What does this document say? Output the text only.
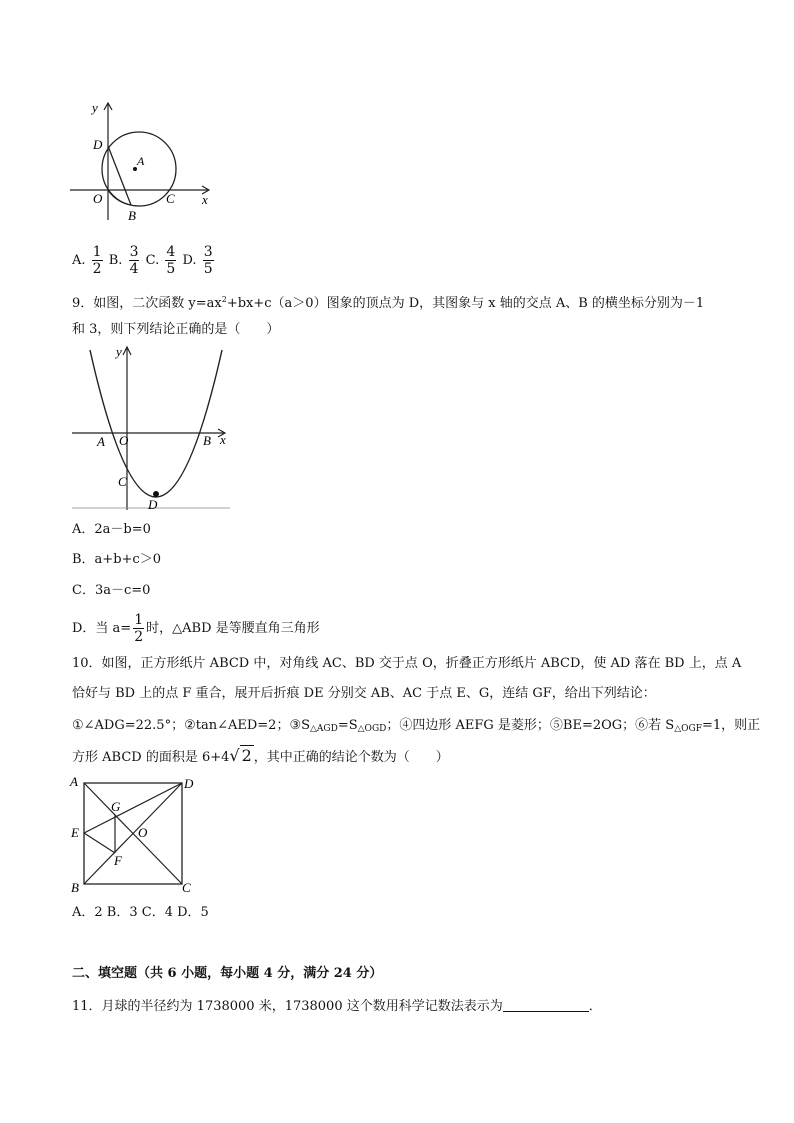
y
x
D
A
O
B
C
A. $\frac{1}{2} B$. $\frac{3}{4} C$. $\frac{4}{5} D$. $\frac{3}{5}$
9．如图，二次函数 $y=ax^2+bx+c(a>0)$图象的顶点为 D，其图象与 x 轴的交点 A、B 的横坐标分别为－1
和 3，则下列结论正确的是（　　）
y
x
A O	B
C
D
A．2a－b=0
B．a+b+c＞0
C．3a－c=0
D．当 $a= \frac{1}{2}$ 时，△ABD 是等腰直角三角形
10．如图，正方形纸片 ABCD 中，对角线 AC、BD 交于点 O，折叠正方形纸片 ABCD，使 AD 落在 BD 上，点 A
恰好与 BD 上的点 F 重合，展开后折痕 DE 分别交 AB、AC 于点 E、G，连结 GF，给出下列结论：
①∠ADG=22.5°；②tan∠AED=2；$③S_{\triangle AGD}=S_{\triangle OGD}$；④四边形 AEFG 是菱形；⑤BE=2OG；⑥若 $S_{\triangle OGF}=1$，则正
方形 ABCD 的面积是 6+4√ 2 ，其中正确的结论个数为（　　）
A	D
G
E	O
F
B	C
A．2 B．3 C．4 D．5
二、填空题（共 6 小题，每小题 4 分，满分 24 分）
11．月球的半径约为 1738000 米，1738000 这个数用科学记数法表示为	．
